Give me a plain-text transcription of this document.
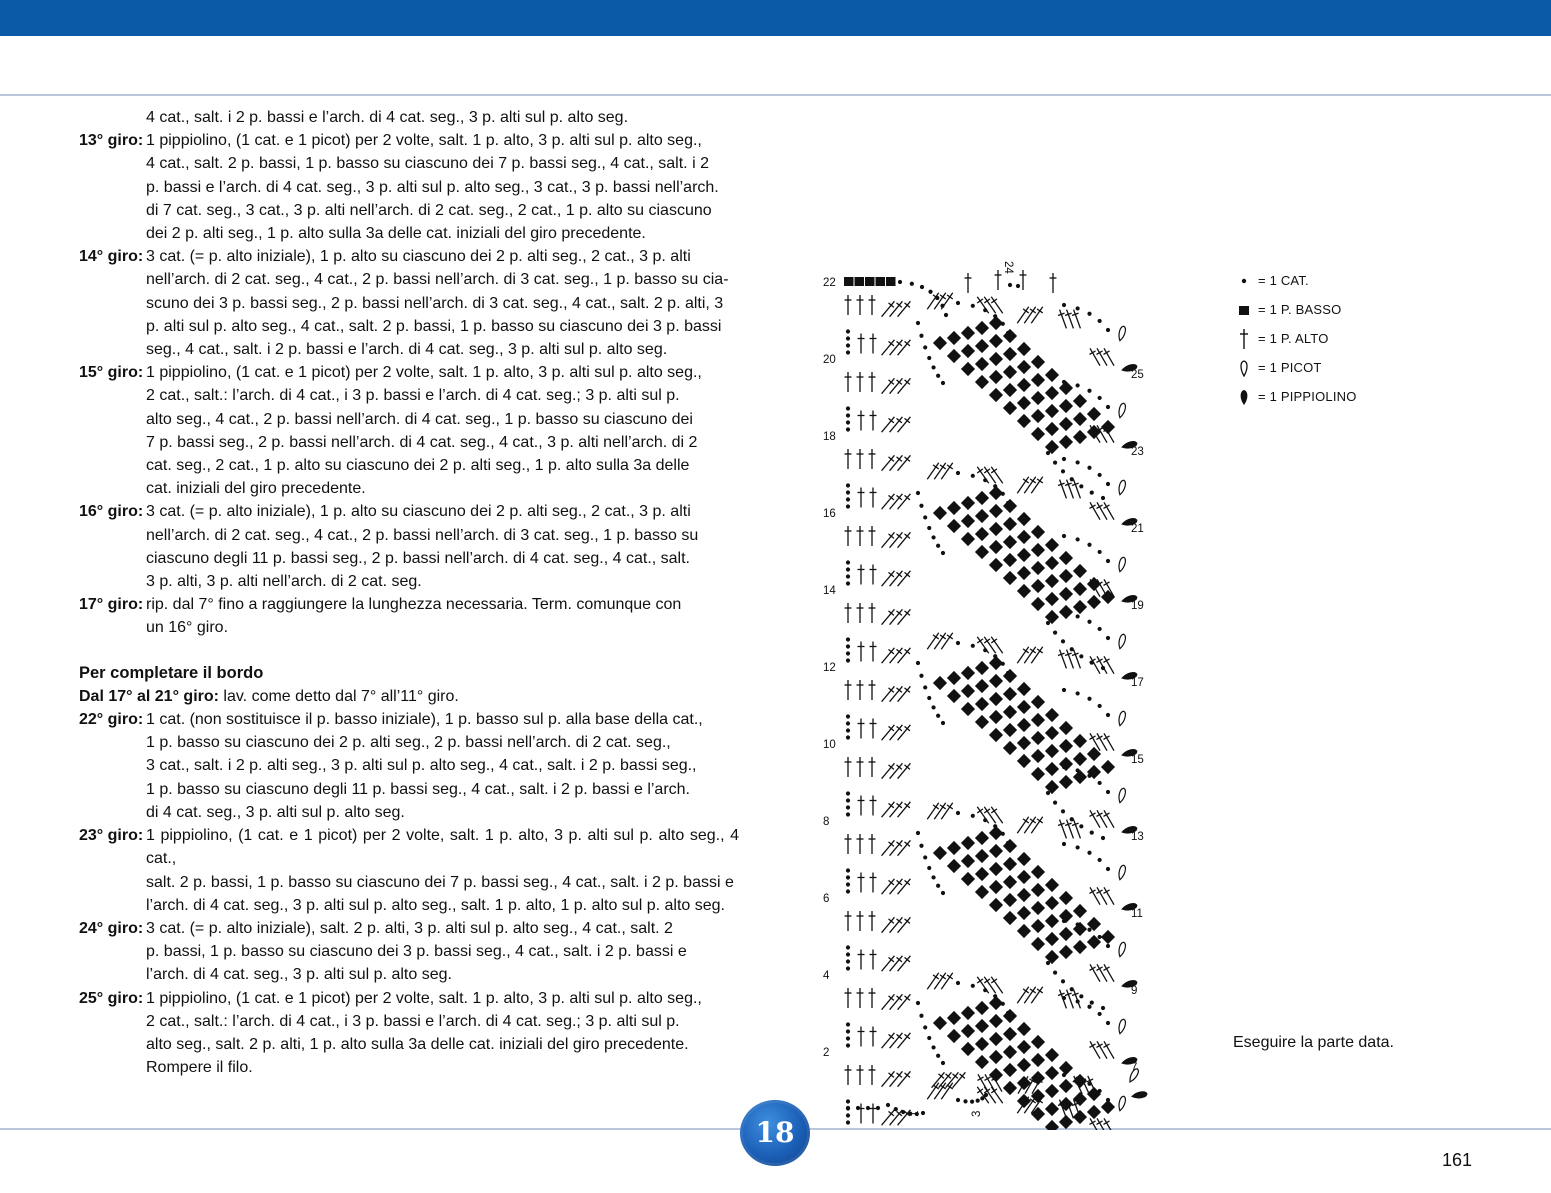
4 cat., salt. i 2 p. bassi e l’arch. di 4 cat. seg., 3 p. alti sul p. alto seg.
13° giro: 1 pippiolino, (1 cat. e 1 picot) per 2 volte, salt. 1 p. alto, 3 p. alti sul p. alto seg.,
4 cat., salt. 2 p. bassi, 1 p. basso su ciascuno dei 7 p. bassi seg., 4 cat., salt. i 2
p. bassi e l’arch. di 4 cat. seg., 3 p. alti sul p. alto seg., 3 cat., 3 p. bassi nell’arch.
di 7 cat. seg., 3 cat., 3 p. alti nell’arch. di 2 cat. seg., 2 cat., 1 p. alto su ciascuno
dei 2 p. alti seg., 1 p. alto sulla 3a delle cat. iniziali del giro precedente.
14° giro: 3 cat. (= p. alto iniziale), 1 p. alto su ciascuno dei 2 p. alti seg., 2 cat., 3 p. alti
nell’arch. di 2 cat. seg., 4 cat., 2 p. bassi nell’arch. di 3 cat. seg., 1 p. basso su cia-
scuno dei 3 p. bassi seg., 2 p. bassi nell’arch. di 3 cat. seg., 4 cat., salt. 2 p. alti, 3
p. alti sul p. alto seg., 4 cat., salt. 2 p. bassi, 1 p. basso su ciascuno dei 3 p. bassi
seg., 4 cat., salt. i 2 p. bassi e l’arch. di 4 cat. seg., 3 p. alti sul p. alto seg.
15° giro: 1 pippiolino, (1 cat. e 1 picot) per 2 volte, salt. 1 p. alto, 3 p. alti sul p. alto seg.,
2 cat., salt.: l’arch. di 4 cat., i 3 p. bassi e l’arch. di 4 cat. seg.; 3 p. alti sul p.
alto seg., 4 cat., 2 p. bassi nell’arch. di 4 cat. seg., 1 p. basso su ciascuno dei
7 p. bassi seg., 2 p. bassi nell’arch. di 4 cat. seg., 4 cat., 3 p. alti nell’arch. di 2
cat. seg., 2 cat., 1 p. alto su ciascuno dei 2 p. alti seg., 1 p. alto sulla 3a delle
cat. iniziali del giro precedente.
16° giro: 3 cat. (= p. alto iniziale), 1 p. alto su ciascuno dei 2 p. alti seg., 2 cat., 3 p. alti
nell’arch. di 2 cat. seg., 4 cat., 2 p. bassi nell’arch. di 3 cat. seg., 1 p. basso su
ciascuno degli 11 p. bassi seg., 2 p. bassi nell’arch. di 4 cat. seg., 4 cat., salt.
3 p. alti, 3 p. alti nell’arch. di 2 cat. seg.
17° giro: rip. dal 7° fino a raggiungere la lunghezza necessaria. Term. comunque con
un 16° giro.
Per completare il bordo
Dal 17° al 21° giro: lav. come detto dal 7° all’11° giro.
22° giro: 1 cat. (non sostituisce il p. basso iniziale), 1 p. basso sul p. alla base della cat.,
1 p. basso su ciascuno dei 2 p. alti seg., 2 p. bassi nell’arch. di 2 cat. seg.,
3 cat., salt. i 2 p. alti seg., 3 p. alti sul p. alto seg., 4 cat., salt. i 2 p. bassi seg.,
1 p. basso su ciascuno degli 11 p. bassi seg., 4 cat., salt. i 2 p. bassi e l’arch.
di 4 cat. seg., 3 p. alti sul p. alto seg.
23° giro: 1 pippiolino, (1 cat. e 1 picot) per 2 volte, salt. 1 p. alto, 3 p. alti sul p. alto seg., 4 cat.,
salt. 2 p. bassi, 1 p. basso su ciascuno dei 7 p. bassi seg., 4 cat., salt. i 2 p. bassi e
l’arch. di 4 cat. seg., 3 p. alti sul p. alto seg., salt. 1 p. alto, 1 p. alto sul p. alto seg.
24° giro: 3 cat. (= p. alto iniziale), salt. 2 p. alti, 3 p. alti sul p. alto seg., 4 cat., salt. 2
p. bassi, 1 p. basso su ciascuno dei 3 p. bassi seg., 4 cat., salt. i 2 p. bassi e
l’arch. di 4 cat. seg., 3 p. alti sul p. alto seg.
25° giro: 1 pippiolino, (1 cat. e 1 picot) per 2 volte, salt. 1 p. alto, 3 p. alti sul p. alto seg.,
2 cat., salt.: l’arch. di 4 cat., i 3 p. bassi e l’arch. di 4 cat. seg.; 3 p. alti sul p.
alto seg., salt. 2 p. alti, 1 p. alto sulla 3a delle cat. iniziali del giro precedente.
Rompere il filo.
22
20
18
16
14
12
10
8
6
4
2
25
23
21
19
17
15
13
11
9
7
24
1	3	5
= 1 CAT.
= 1 P. BASSO
= 1 P. ALTO
= 1 PICOT
= 1 PIPPIOLINO
Eseguire la parte data.
18
161
